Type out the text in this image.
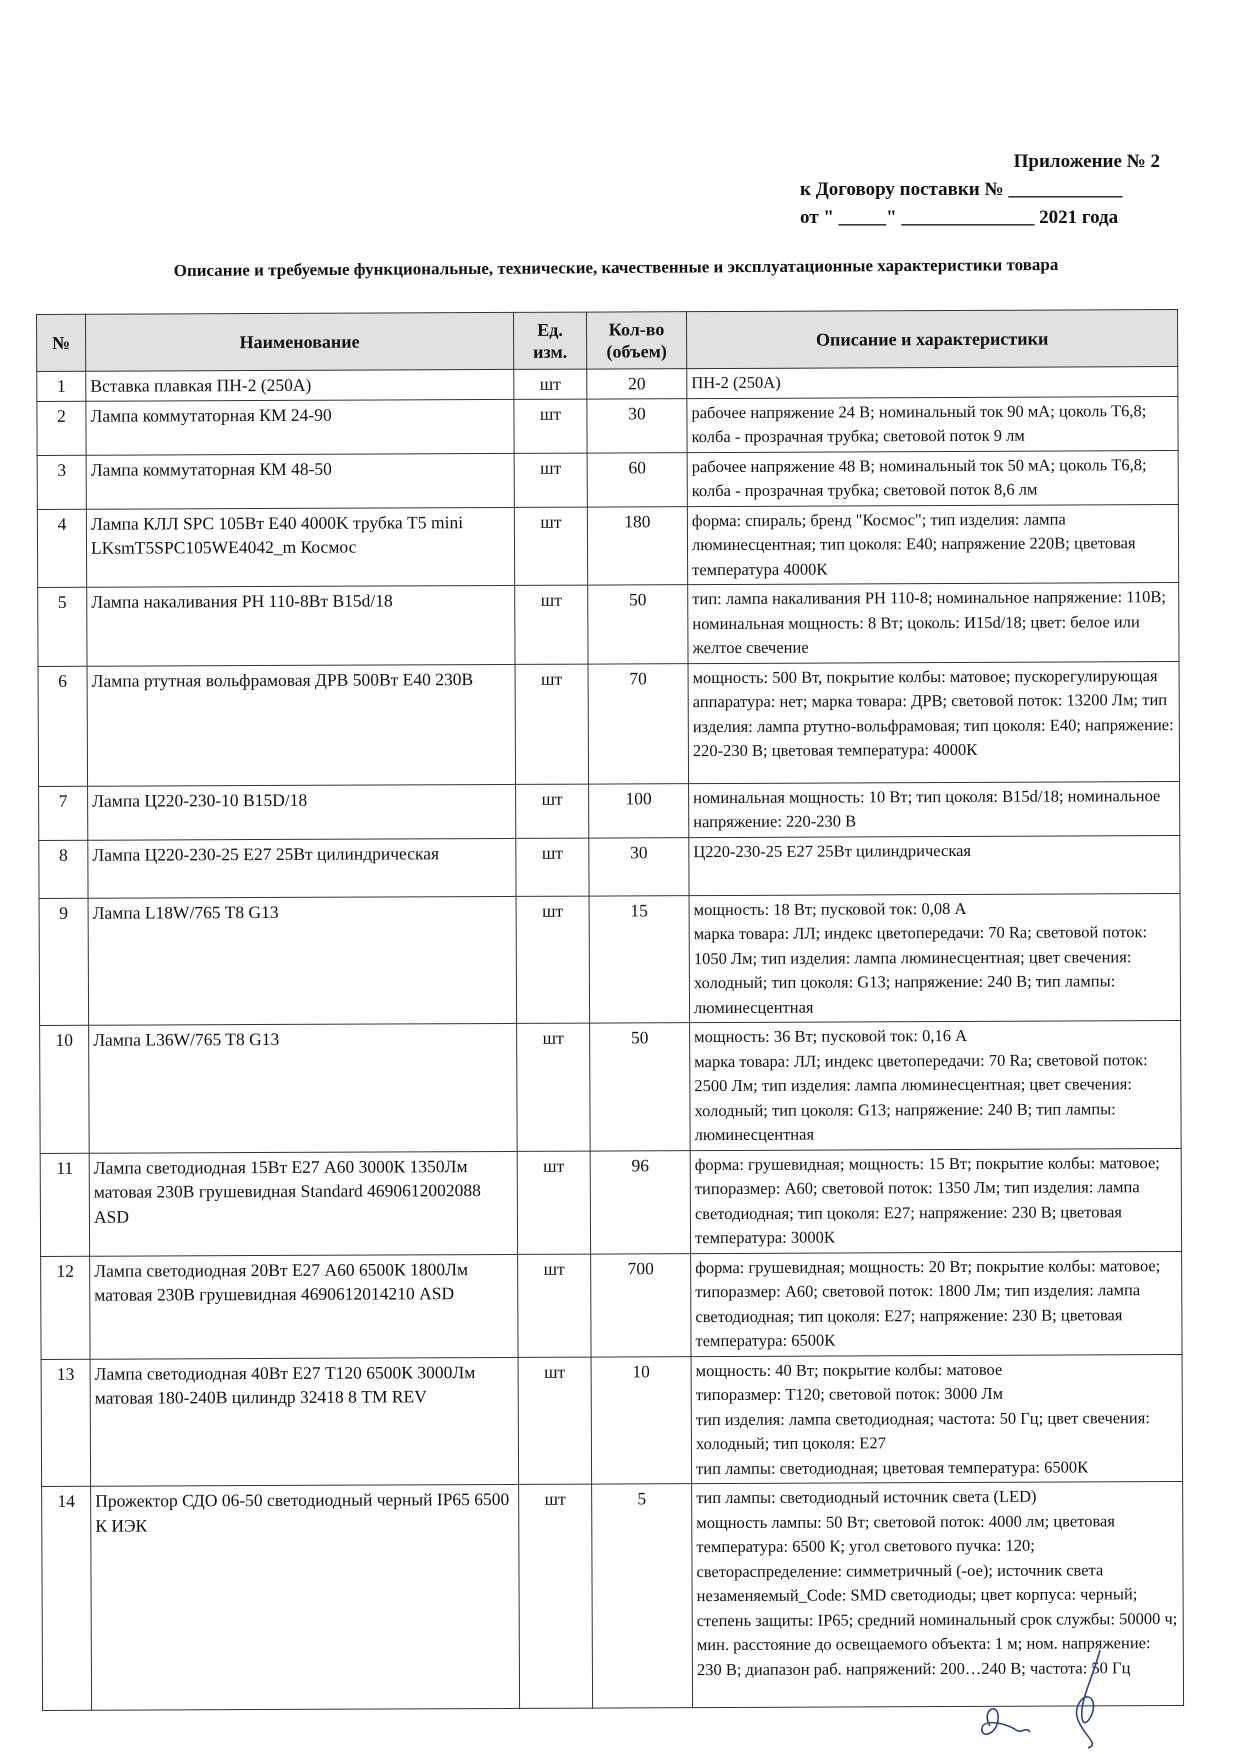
Приложение № 2
к Договору поставки № ____________
от " _____" ______________ 2021 года
Описание и требуемые функциональные, технические, качественные и эксплуатационные характеристики товара
№	Наименование	Ед. изм.	Кол-во (объем)	Описание и характеристики
1	Вставка плавкая ПН-2 (250А)	шт	20	ПН-2 (250А)
2	Лампа коммутаторная КМ 24-90	шт	30	рабочее напряжение 24 В; номинальный ток 90 мА; цоколь Т6,8; колба - прозрачная трубка; световой поток 9 лм
3	Лампа коммутаторная КМ 48-50	шт	60	рабочее напряжение 48 В; номинальный ток 50 мА; цоколь Т6,8; колба - прозрачная трубка; световой поток 8,6 лм
4	Лампа КЛЛ SPC 105Вт E40 4000K трубка T5 mini LKsmT5SPC105WE4042_m Космос	шт	180	форма: спираль; бренд "Космос"; тип изделия: лампа люминесцентная; тип цоколя: Е40; напряжение 220В; цветовая температура 4000К
5	Лампа накаливания РН 110-8Вт В15d/18	шт	50	тип: лампа накаливания РН 110-8; номинальное напряжение: 110В; номинальная мощность: 8 Вт; цоколь: И15d/18; цвет: белое или желтое свечение
6	Лампа ртутная вольфрамовая ДРВ 500Вт Е40 230В	шт	70	мощность: 500 Вт, покрытие колбы: матовое; пускорегулирующая аппаратура: нет; марка товара: ДРВ; световой поток: 13200 Лм; тип изделия: лампа ртутно-вольфрамовая; тип цоколя: Е40; напряжение: 220-230 В; цветовая температура: 4000К
7	Лампа Ц220-230-10 В15D/18	шт	100	номинальная мощность: 10 Вт; тип цоколя: В15d/18; номинальное напряжение: 220-230 В
8	Лампа Ц220-230-25 Е27 25Вт цилиндрическая	шт	30	Ц220-230-25 Е27 25Вт цилиндрическая
9	Лампа L18W/765 T8 G13	шт	15	мощность: 18 Вт; пусковой ток: 0,08 А
марка товара: ЛЛ; индекс цветопередачи: 70 Ra; световой поток: 1050 Лм; тип изделия: лампа люминесцентная; цвет свечения: холодный; тип цоколя: G13; напряжение: 240 В; тип лампы: люминесцентная
10	Лампа L36W/765 T8 G13	шт	50	мощность: 36 Вт; пусковой ток: 0,16 А
марка товара: ЛЛ; индекс цветопередачи: 70 Ra; световой поток: 2500 Лм; тип изделия: лампа люминесцентная; цвет свечения: холодный; тип цоколя: G13; напряжение: 240 В; тип лампы: люминесцентная
11	Лампа светодиодная 15Вт Е27 А60 3000К 1350Лм матовая 230В грушевидная Standard 4690612002088 ASD	шт	96	форма: грушевидная; мощность: 15 Вт; покрытие колбы: матовое; типоразмер: А60; световой поток: 1350 Лм; тип изделия: лампа светодиодная; тип цоколя: Е27; напряжение: 230 В; цветовая температура: 3000К
12	Лампа светодиодная 20Вт Е27 А60 6500К 1800Лм матовая 230В грушевидная 4690612014210 ASD	шт	700	форма: грушевидная; мощность: 20 Вт; покрытие колбы: матовое; типоразмер: А60; световой поток: 1800 Лм; тип изделия: лампа светодиодная; тип цоколя: Е27; напряжение: 230 В; цветовая температура: 6500К
13	Лампа светодиодная 40Вт Е27 Т120 6500К 3000Лм матовая 180-240В цилиндр 32418 8 TM REV	шт	10	мощность: 40 Вт; покрытие колбы: матовое
типоразмер: Т120; световой поток: 3000 Лм
тип изделия: лампа светодиодная; частота: 50 Гц; цвет свечения: холодный; тип цоколя: Е27
тип лампы: светодиодная; цветовая температура: 6500К
14	Прожектор СДО 06-50 светодиодный черный IP65 6500 К ИЭК	шт	5	тип лампы: светодиодный источник света (LED)
мощность лампы: 50 Вт; световой поток: 4000 лм; цветовая температура: 6500 К; угол светового пучка: 120; светораспределение: симметричный (-ое); источник света незаменяемый_Code: SMD светодиоды; цвет корпуса: черный; степень защиты: IP65; средний номинальный срок службы: 50000 ч; мин. расстояние до освещаемого объекта: 1 м; ном. напряжение: 230 В; диапазон раб. напряжений: 200…240 В; частота: 50 Гц
